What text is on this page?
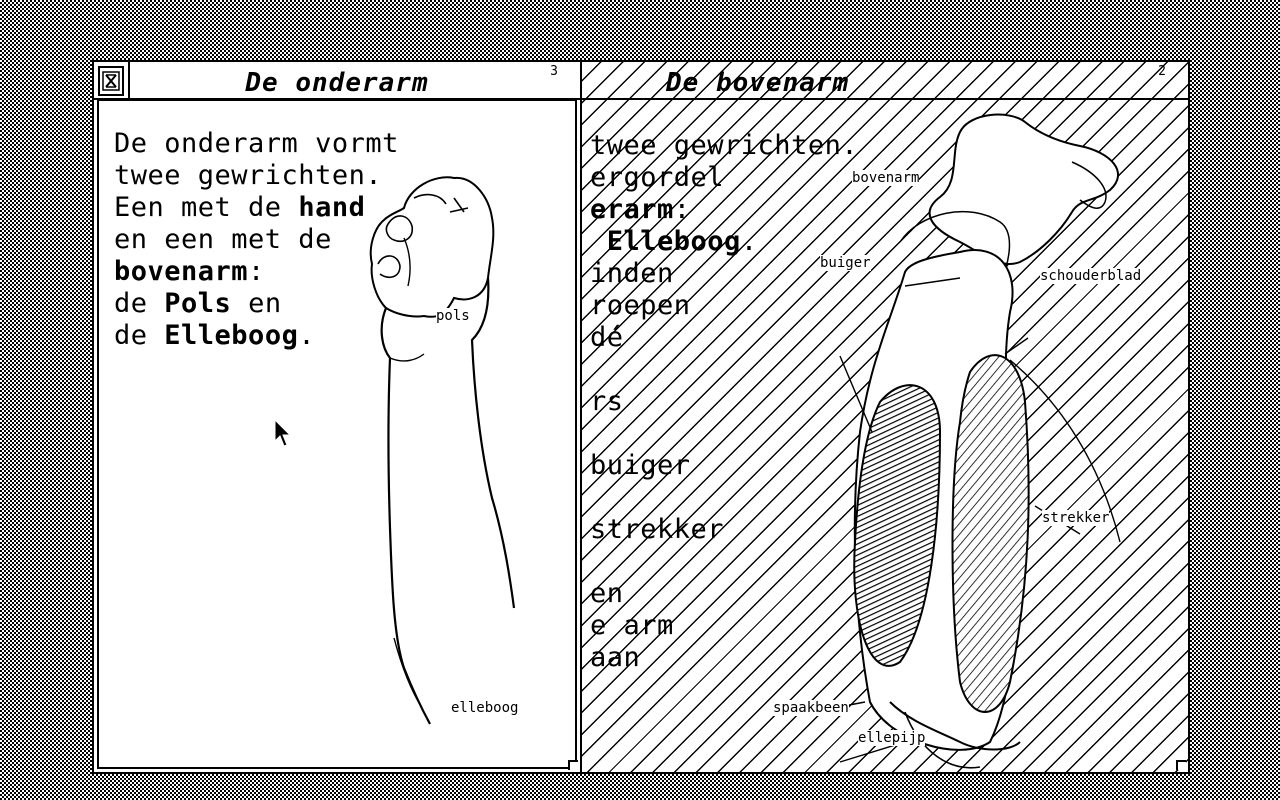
De bovenarm	2
twee gewrichten.
ergordel
erarm:
Elleboog.
inden
roepen
dé
rs
buiger
strekker
en
e arm
aan
bovenarm
buiger
schouderblad
strekker
spaakbeen
ellepijp
De onderarm	3
De onderarm vormt
twee gewrichten.
Een met de hand
en een met de
bovenarm:
de Pols en
de Elleboog.
pols
elleboog
